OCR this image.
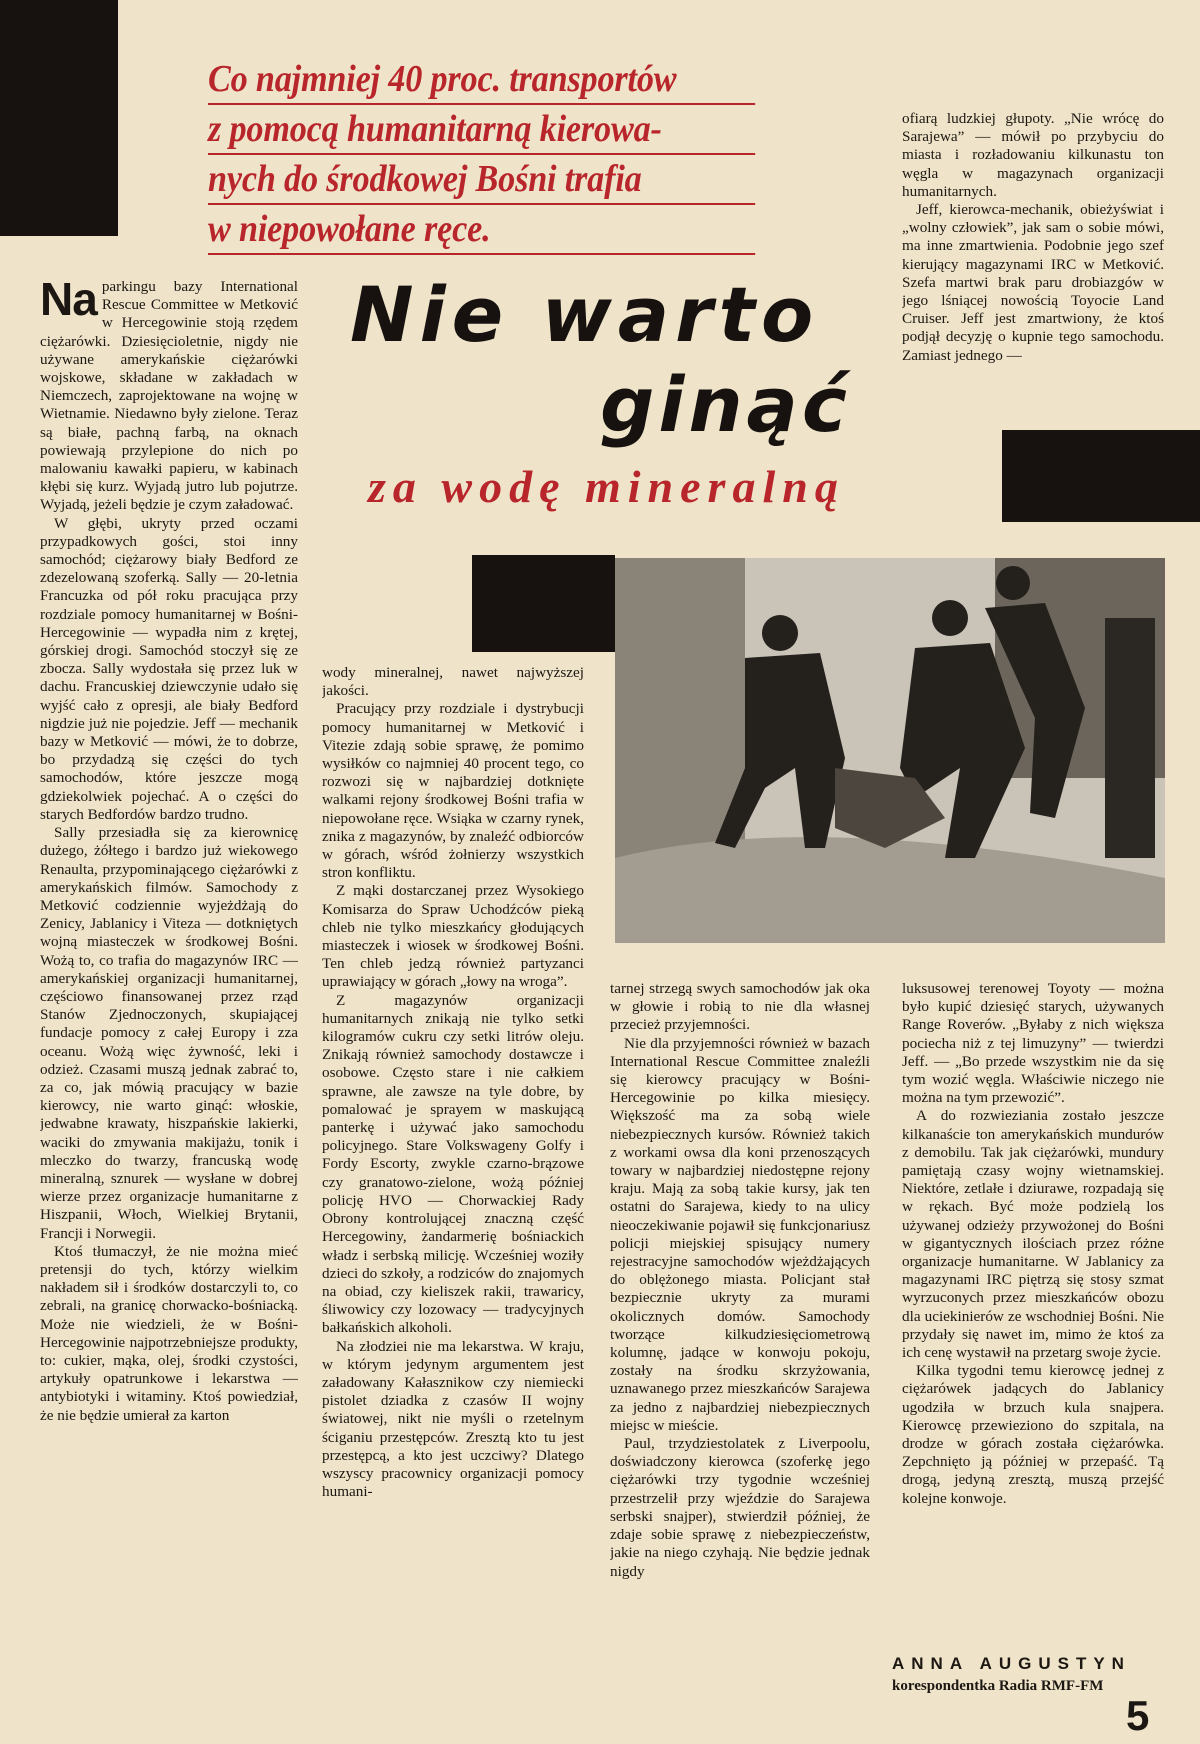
Co najmniej 40 proc. transportów
z pomocą humanitarną kierowa-
nych do środkowej Bośni trafia
w niepowołane ręce.
Nie warto
ginąć
za wodę mineralną

Na parkingu bazy International Rescue Committee w Metković w Hercegowinie stoją rzędem ciężarówki. Dziesięcioletnie, nigdy nie używane amerykańskie ciężarówki wojskowe, składane w zakładach w Niemczech, zaprojektowane na wojnę w Wietnamie. Niedawno były zielone. Teraz są białe, pachną farbą, na oknach powiewają przylepione do nich po malowaniu kawałki papieru, w kabinach kłębi się kurz. Wyjadą jutro lub pojutrze. Wyjadą, jeżeli będzie je czym załadować.

W głębi, ukryty przed oczami przypadkowych gości, stoi inny samochód; ciężarowy biały Bedford ze zdezelowaną szoferką. Sally — 20-letnia Francuzka od pół roku pracująca przy rozdziale pomocy humanitarnej w Bośni-Hercegowinie — wypadła nim z krętej, górskiej drogi. Samochód stoczył się ze zbocza. Sally wydostała się przez luk w dachu. Francuskiej dziewczynie udało się wyjść cało z opresji, ale biały Bedford nigdzie już nie pojedzie. Jeff — mechanik bazy w Metković — mówi, że to dobrze, bo przydadzą się części do tych samochodów, które jeszcze mogą gdziekolwiek pojechać. A o części do starych Bedfordów bardzo trudno.

Sally przesiadła się za kierownicę dużego, żółtego i bardzo już wiekowego Renaulta, przypominającego ciężarówki z amerykańskich filmów. Samochody z Metković codziennie wyjeżdżają do Zenicy, Jablanicy i Viteza — dotkniętych wojną miasteczek w środkowej Bośni. Wożą to, co trafia do magazynów IRC — amerykańskiej organizacji humanitarnej, częściowo finansowanej przez rząd Stanów Zjednoczonych, skupiającej fundacje pomocy z całej Europy i zza oceanu. Wożą więc żywność, leki i odzież. Czasami muszą jednak zabrać to, za co, jak mówią pracujący w bazie kierowcy, nie warto ginąć: włoskie, jedwabne krawaty, hiszpańskie lakierki, waciki do zmywania makijażu, tonik i mleczko do twarzy, francuską wodę mineralną, sznurek — wysłane w dobrej wierze przez organizacje humanitarne z Hiszpanii, Włoch, Wielkiej Brytanii, Francji i Norwegii.

Ktoś tłumaczył, że nie można mieć pretensji do tych, którzy wielkim nakładem sił i środków dostarczyli to, co zebrali, na granicę chorwacko-bośniacką. Może nie wiedzieli, że w Bośni-Hercegowinie najpotrzebniejsze produkty, to: cukier, mąka, olej, środki czystości, artykuły opatrunkowe i lekarstwa — antybiotyki i witaminy. Ktoś powiedział, że nie będzie umierał za karton

wody mineralnej, nawet najwyższej jakości.

Pracujący przy rozdziale i dystrybucji pomocy humanitarnej w Metković i Vitezie zdają sobie sprawę, że pomimo wysiłków co najmniej 40 procent tego, co rozwozi się w najbardziej dotknięte walkami rejony środkowej Bośni trafia w niepowołane ręce. Wsiąka w czarny rynek, znika z magazynów, by znaleźć odbiorców w górach, wśród żołnierzy wszystkich stron konfliktu.

Z mąki dostarczanej przez Wysokiego Komisarza do Spraw Uchodźców pieką chleb nie tylko mieszkańcy głodujących miasteczek i wiosek w środkowej Bośni. Ten chleb jedzą również partyzanci uprawiający w górach „łowy na wroga”.

Z magazynów organizacji humanitarnych znikają nie tylko setki kilogramów cukru czy setki litrów oleju. Znikają również samochody dostawcze i osobowe. Często stare i nie całkiem sprawne, ale zawsze na tyle dobre, by pomalować je sprayem w maskującą panterkę i używać jako samochodu policyjnego. Stare Volkswageny Golfy i Fordy Escorty, zwykle czarno-brązowe czy granatowo-zielone, wożą później policję HVO — Chorwackiej Rady Obrony kontrolującej znaczną część Hercegowiny, żandarmerię bośniackich władz i serbską milicję. Wcześniej woziły dzieci do szkoły, a rodziców do znajomych na obiad, czy kieliszek rakii, trawaricy, śliwowicy czy lozowacy — tradycyjnych bałkańskich alkoholi.

Na złodziei nie ma lekarstwa. W kraju, w którym jedynym argumentem jest załadowany Kałasznikow czy niemiecki pistolet dziadka z czasów II wojny światowej, nikt nie myśli o rzetelnym ściganiu przestępców. Zresztą kto tu jest przestępcą, a kto jest uczciwy? Dlatego wszyscy pracownicy organizacji pomocy humani-

tarnej strzegą swych samochodów jak oka w głowie i robią to nie dla własnej przecież przyjemności.

Nie dla przyjemności również w bazach International Rescue Committee znaleźli się kierowcy pracujący w Bośni-Hercegowinie po kilka miesięcy. Większość ma za sobą wiele niebezpiecznych kursów. Również takich z workami owsa dla koni przenoszących towary w najbardziej niedostępne rejony kraju. Mają za sobą takie kursy, jak ten ostatni do Sarajewa, kiedy to na ulicy nieoczekiwanie pojawił się funkcjonariusz policji miejskiej spisujący numery rejestracyjne samochodów wjeżdżających do oblężonego miasta. Policjant stał bezpiecznie ukryty za murami okolicznych domów. Samochody tworzące kilkudziesięciometrową kolumnę, jadące w konwoju pokoju, zostały na środku skrzyżowania, uznawanego przez mieszkańców Sarajewa za jedno z najbardziej niebezpiecznych miejsc w mieście.

Paul, trzydziestolatek z Liverpoolu, doświadczony kierowca (szoferkę jego ciężarówki trzy tygodnie wcześniej przestrzelił przy wjeździe do Sarajewa serbski snajper), stwierdził później, że zdaje sobie sprawę z niebezpieczeństw, jakie na niego czyhają. Nie będzie jednak nigdy

ofiarą ludzkiej głupoty. „Nie wrócę do Sarajewa” — mówił po przybyciu do miasta i rozładowaniu kilkunastu ton węgla w magazynach organizacji humanitarnych.

Jeff, kierowca-mechanik, obieżyświat i „wolny człowiek”, jak sam o sobie mówi, ma inne zmartwienia. Podobnie jego szef kierujący magazynami IRC w Metković. Szefa martwi brak paru drobiazgów w jego lśniącej nowością Toyocie Land Cruiser. Jeff jest zmartwiony, że ktoś podjął decyzję o kupnie tego samochodu. Zamiast jednego —

luksusowej terenowej Toyoty — można było kupić dziesięć starych, używanych Range Roverów. „Byłaby z nich większa pociecha niż z tej limuzyny” — twierdzi Jeff. — „Bo przede wszystkim nie da się tym wozić węgla. Właściwie niczego nie można na tym przewozić”.

A do rozwieziania zostało jeszcze kilkanaście ton amerykańskich mundurów z demobilu. Tak jak ciężarówki, mundury pamiętają czasy wojny wietnamskiej. Niektóre, zetlałe i dziurawe, rozpadają się w rękach. Być może podzielą los używanej odzieży przywożonej do Bośni w gigantycznych ilościach przez różne organizacje humanitarne. W Jablanicy za magazynami IRC piętrzą się stosy szmat wyrzuconych przez mieszkańców obozu dla uciekinierów ze wschodniej Bośni. Nie przydały się nawet im, mimo że ktoś za ich cenę wystawił na przetarg swoje życie.

Kilka tygodni temu kierowcę jednej z ciężarówek jadących do Jablanicy ugodziła w brzuch kula snajpera. Kierowcę przewieziono do szpitala, na drodze w górach została ciężarówka. Zepchnięto ją później w przepaść. Tą drogą, jedyną zresztą, muszą przejść kolejne konwoje.

ANNA AUGUSTYN
korespondentka Radia RMF-FM
5
